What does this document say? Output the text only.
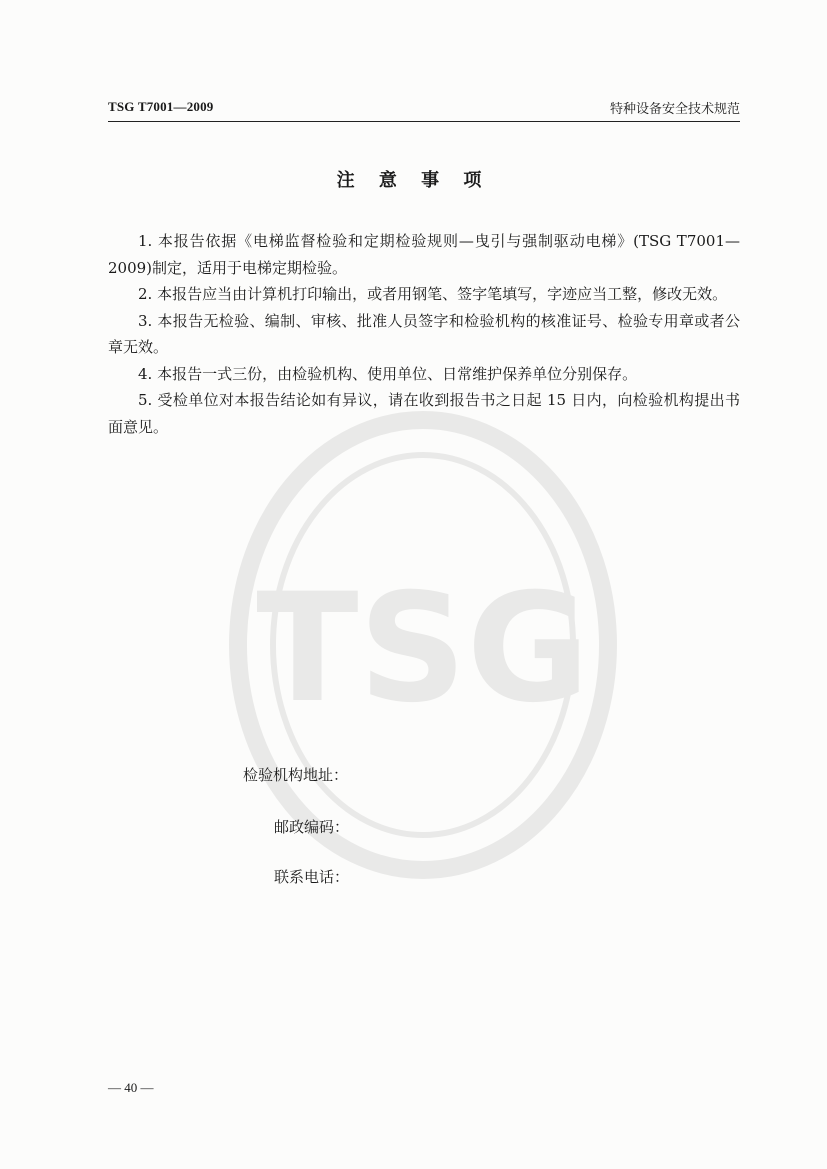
TSG
TSG T7001—2009	特种设备安全技术规范
注 意 事 项

1. 本报告依据《电梯监督检验和定期检验规则—曳引与强制驱动电梯》(TSG T7001—2009)制定，适用于电梯定期检验。

2. 本报告应当由计算机打印输出，或者用钢笔、签字笔填写，字迹应当工整，修改无效。

3. 本报告无检验、编制、审核、批准人员签字和检验机构的核准证号、检验专用章或者公章无效。

4. 本报告一式三份，由检验机构、使用单位、日常维护保养单位分别保存。

5. 受检单位对本报告结论如有异议，请在收到报告书之日起 15 日内，向检验机构提出书面意见。

检验机构地址：
邮政编码：
联系电话：
— 40 —
